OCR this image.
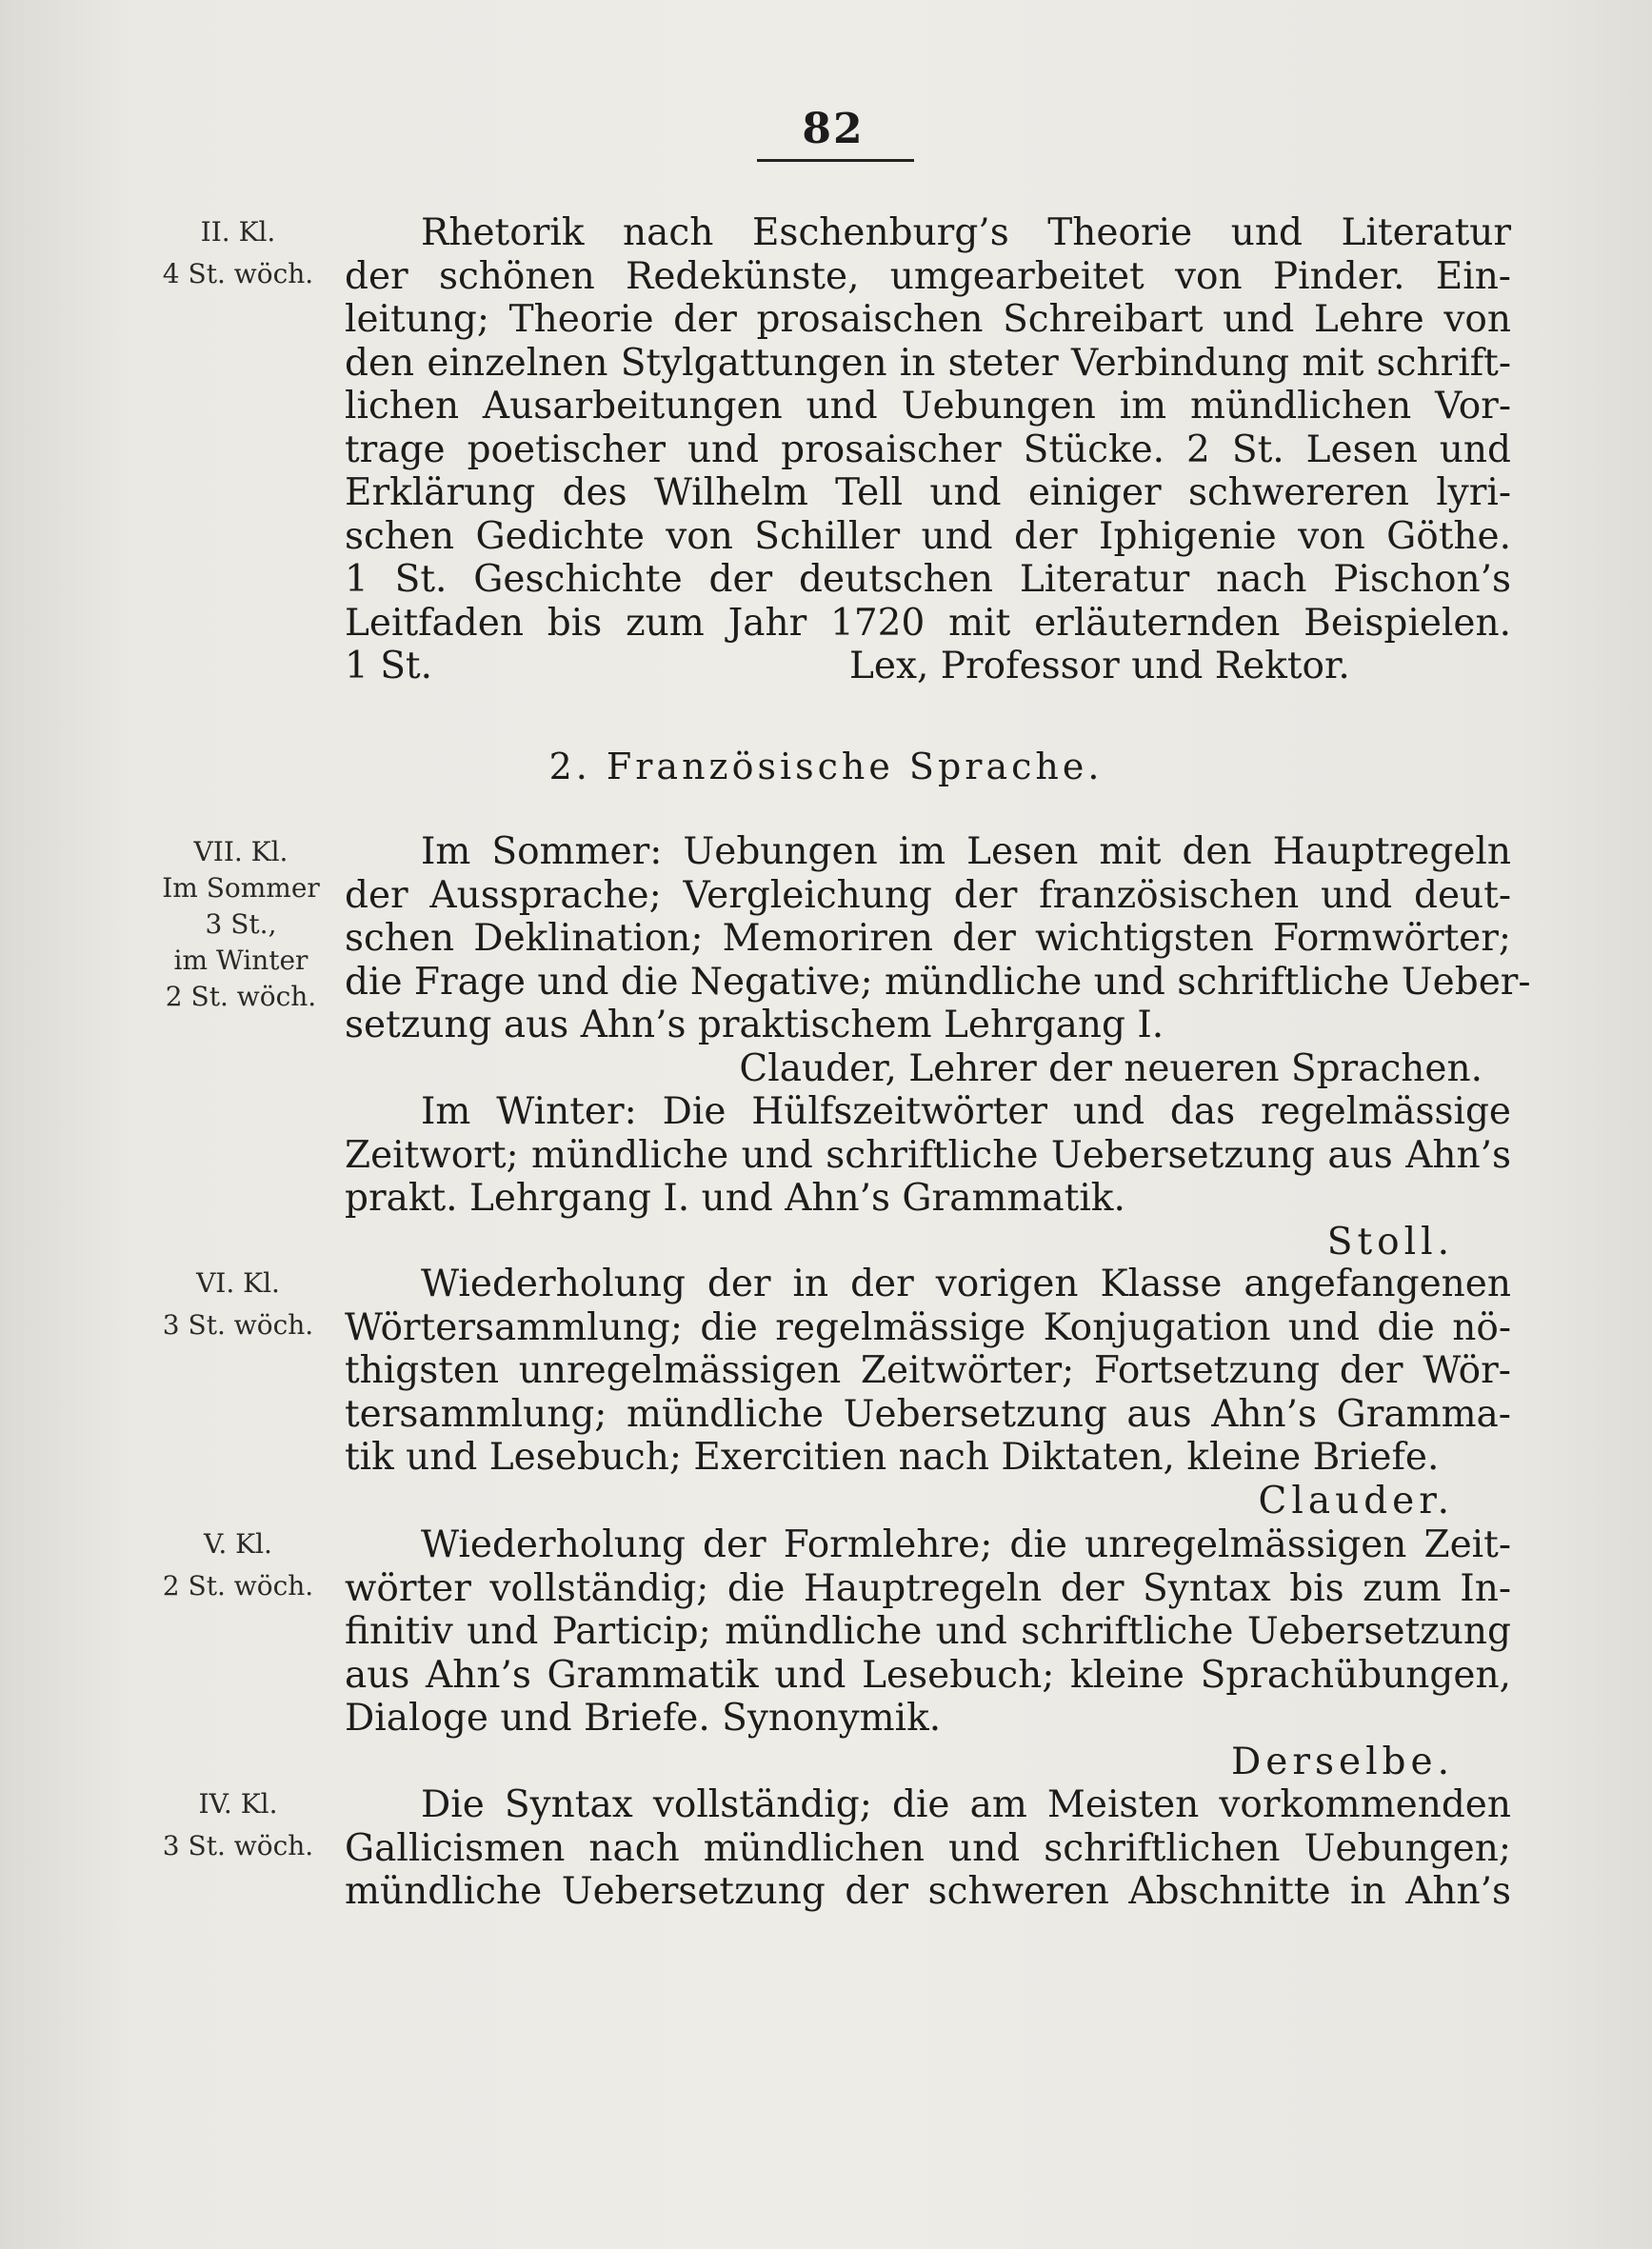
82
II. Kl.
4 St. wöch.
Rhetorik nach Eschenburg’s Theorie und Literatur
der schönen Redekünste, umgearbeitet von Pinder. Ein-
leitung; Theorie der prosaischen Schreibart und Lehre von
den einzelnen Stylgattungen in steter Verbindung mit schrift-
lichen Ausarbeitungen und Uebungen im mündlichen Vor-
trage poetischer und prosaischer Stücke. 2 St. Lesen und
Erklärung des Wilhelm Tell und einiger schwereren lyri-
schen Gedichte von Schiller und der Iphigenie von Göthe.
1 St. Geschichte der deutschen Literatur nach Pischon’s
Leitfaden bis zum Jahr 1720 mit erläuternden Beispielen.
1 St.	Lex, Professor und Rektor.
2. Französische Sprache.
VII. Kl.
Im Sommer
3 St.,
im Winter
2 St. wöch.
Im Sommer: Uebungen im Lesen mit den Hauptregeln
der Aussprache; Vergleichung der französischen und deut-
schen Deklination; Memoriren der wichtigsten Formwörter;
die Frage und die Negative; mündliche und schriftliche Ueber-
setzung aus Ahn’s praktischem Lehrgang I.
Clauder, Lehrer der neueren Sprachen.
Im Winter: Die Hülfszeitwörter und das regelmässige
Zeitwort; mündliche und schriftliche Uebersetzung aus Ahn’s
prakt. Lehrgang I. und Ahn’s Grammatik.
Stoll.
VI. Kl.
3 St. wöch.
Wiederholung der in der vorigen Klasse angefangenen
Wörtersammlung; die regelmässige Konjugation und die nö-
thigsten unregelmässigen Zeitwörter; Fortsetzung der Wör-
tersammlung; mündliche Uebersetzung aus Ahn’s Gramma-
tik und Lesebuch; Exercitien nach Diktaten, kleine Briefe.
Clauder.
V. Kl.
2 St. wöch.
Wiederholung der Formlehre; die unregelmässigen Zeit-
wörter vollständig; die Hauptregeln der Syntax bis zum In-
finitiv und Particip; mündliche und schriftliche Uebersetzung
aus Ahn’s Grammatik und Lesebuch; kleine Sprachübungen,
Dialoge und Briefe. Synonymik.
Derselbe.
IV. Kl.
3 St. wöch.
Die Syntax vollständig; die am Meisten vorkommenden
Gallicismen nach mündlichen und schriftlichen Uebungen;
mündliche Uebersetzung der schweren Abschnitte in Ahn’s
